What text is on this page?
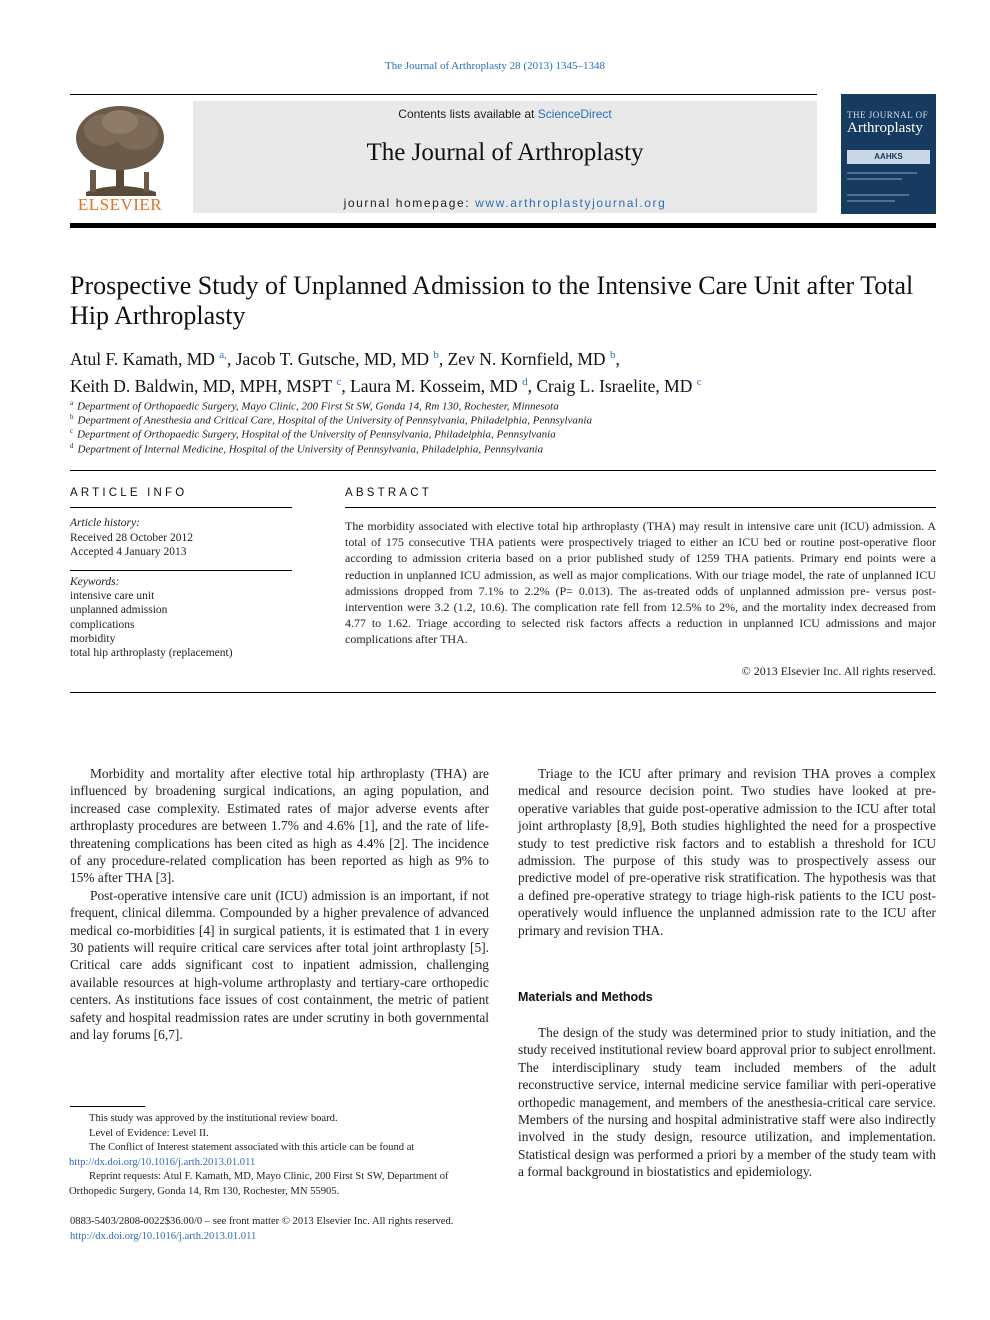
The Journal of Arthroplasty 28 (2013) 1345–1348
ELSEVIER
Contents lists available at ScienceDirect
The Journal of Arthroplasty
journal homepage: www.arthroplastyjournal.org
THE JOURNAL OF
Arthroplasty
AAHKS
Prospective Study of Unplanned Admission to the Intensive Care Unit after Total Hip Arthroplasty
Atul F. Kamath, MD $^{a,}$, Jacob T. Gutsche, MD, MD $^b$, Zev N. Kornfield, MD $^b$,
Keith D. Baldwin, MD, MPH, MSPT $^c$, Laura M. Kosseim, MD $^d$, Craig L. Israelite, MD $^c$
$^a$ Department of Orthopaedic Surgery, Mayo Clinic, 200 First St SW, Gonda 14, Rm 130, Rochester, Minnesota
$^b$ Department of Anesthesia and Critical Care, Hospital of the University of Pennsylvania, Philadelphia, Pennsylvania
$^c$ Department of Orthopaedic Surgery, Hospital of the University of Pennsylvania, Philadelphia, Pennsylvania
$^d$ Department of Internal Medicine, Hospital of the University of Pennsylvania, Philadelphia, Pennsylvania
ARTICLE INFO
Article history:
Received 28 October 2012
Accepted 4 January 2013
Keywords:
intensive care unit
unplanned admission
complications
morbidity
total hip arthroplasty (replacement)
ABSTRACT
The morbidity associated with elective total hip arthroplasty (THA) may result in intensive care unit (ICU) admission. A total of 175 consecutive THA patients were prospectively triaged to either an ICU bed or routine post-operative floor according to admission criteria based on a prior published study of 1259 THA patients. Primary end points were a reduction in unplanned ICU admission, as well as major complications. With our triage model, the rate of unplanned ICU admissions dropped from 7.1% to 2.2% (P= 0.013). The as-treated odds of unplanned admission pre- versus post-intervention were 3.2 (1.2, 10.6). The complication rate fell from 12.5% to 2%, and the mortality index decreased from 4.77 to 1.62. Triage according to selected risk factors affects a reduction in unplanned ICU admissions and major complications after THA.
© 2013 Elsevier Inc. All rights reserved.

Morbidity and mortality after elective total hip arthroplasty (THA) are influenced by broadening surgical indications, an aging population, and increased case complexity. Estimated rates of major adverse events after arthroplasty procedures are between 1.7% and 4.6% [1], and the rate of life-threatening complications has been cited as high as 4.4% [2]. The incidence of any procedure-related complication has been reported as high as 9% to 15% after THA [3].

Post-operative intensive care unit (ICU) admission is an important, if not frequent, clinical dilemma. Compounded by a higher prevalence of advanced medical co-morbidities [4] in surgical patients, it is estimated that 1 in every 30 patients will require critical care services after total joint arthroplasty [5]. Critical care adds significant cost to inpatient admission, challenging available resources at high-volume arthroplasty and tertiary-care orthopedic centers. As institutions face issues of cost containment, the metric of patient safety and hospital readmission rates are under scrutiny in both governmental and lay forums [6,7].

Triage to the ICU after primary and revision THA proves a complex medical and resource decision point. Two studies have looked at pre-operative variables that guide post-operative admission to the ICU after total joint arthroplasty [8,9], Both studies highlighted the need for a prospective study to test predictive risk factors and to establish a threshold for ICU admission. The purpose of this study was to prospectively assess our predictive model of pre-operative risk stratification. The hypothesis was that a defined pre-operative strategy to triage high-risk patients to the ICU post-operatively would influence the unplanned admission rate to the ICU after primary and revision THA.

Materials and Methods

The design of the study was determined prior to study initiation, and the study received institutional review board approval prior to subject enrollment. The interdisciplinary study team included members of the adult reconstructive service, internal medicine service familiar with peri-operative orthopedic management, and members of the anesthesia-critical care service. Members of the nursing and hospital administrative staff were also indirectly involved in the study design, resource utilization, and implementation. Statistical design was performed a priori by a member of the study team with a formal background in biostatistics and epidemiology.

This study was approved by the institutional review board.
Level of Evidence: Level II.
The Conflict of Interest statement associated with this article can be found at http://dx.doi.org/10.1016/j.arth.2013.01.011
Reprint requests: Atul F. Kamath, MD, Mayo Clinic, 200 First St SW, Department of Orthopedic Surgery, Gonda 14, Rm 130, Rochester, MN 55905.
0883-5403/2808-0022$36.00/0 – see front matter © 2013 Elsevier Inc. All rights reserved.
http://dx.doi.org/10.1016/j.arth.2013.01.011
